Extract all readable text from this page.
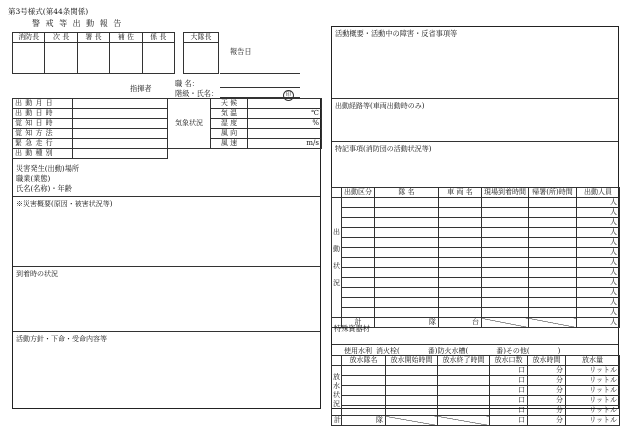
第3号様式(第44条関係)
警 戒 等 出 動 報 告
消防長	次 長	署 長	補 佐	係 長
					大隊長

報告日
指揮者
職 名：
階級・氏名：	印
出 動 月 日		気象状況	天 候	
出 動 日 時			気 温	℃
覚 知 日 時			湿 度	%
覚 知 方 法			風 向	
緊 急 走 行			風 速	m/s
出 動 種 別				
災害発生(出動)場所
職業(業態)
氏名(名称)・年齢
※災害概要(原因・被害状況等)
到着時の状況
活動方針・下命・受命内容等
活動概要・活動中の障害・反省事項等
出動経路等(車両出動時のみ)
特記事項(消防団の活動状況等)
	出動区分	隊 名	車 両 名	現場到着時間	帰署(所)時間	出動人員

出
動
状
況						人
						人
						人
						人
						人
						人
						人
						人
						人
						人
						人
						人
	計	隊	台			人
特殊資器材
使用水利 消火栓(	番)防火水槽(	番)その他(	)
	放水隊名	放水開始時間	放水終了時間	放水口数	放水時間	放水量

放
水
状
況				口	分	リットル
				口	分	リットル
				口	分	リットル
				口	分	リットル
				口	分	リットル
計	隊			口	分	リットル
